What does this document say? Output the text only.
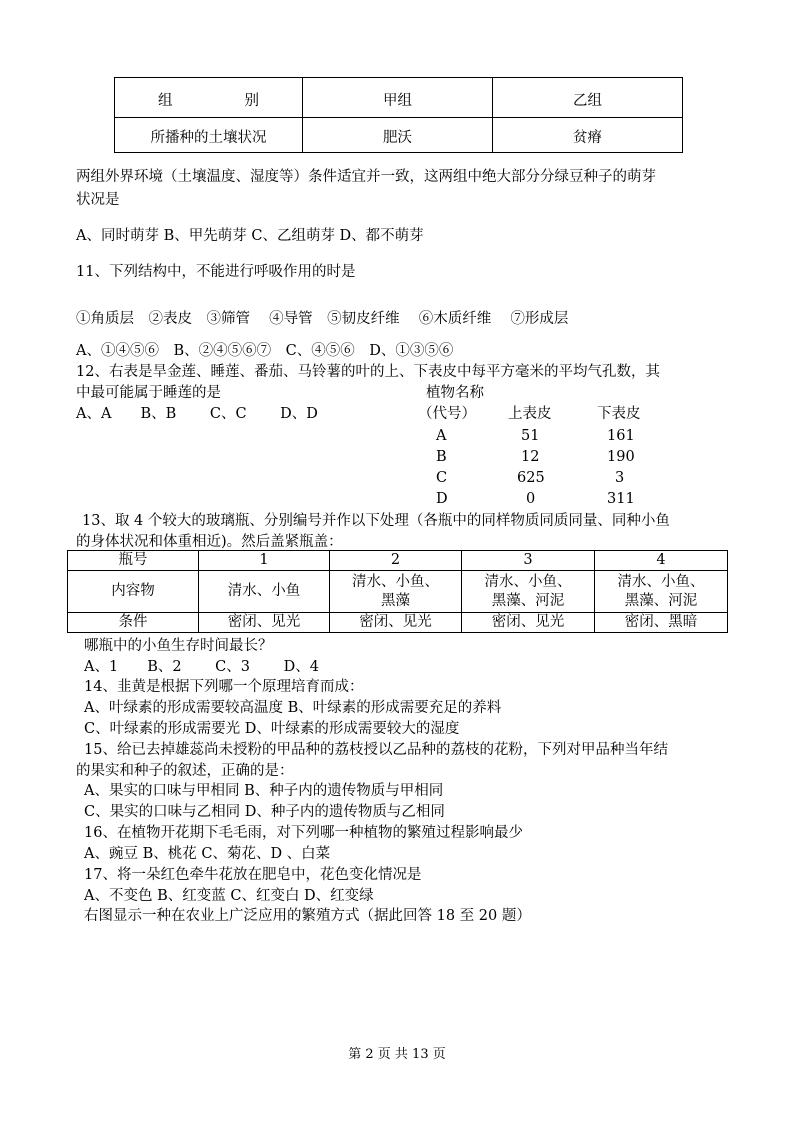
组 别	甲组	乙组
所播种的土壤状况	肥沃	贫瘠
两组外界环境（土壤温度、湿度等）条件适宜并一致，这两组中绝大部分分绿豆种子的萌芽
状况是
A、同时萌芽 B、甲先萌芽 C、乙组萌芽 D、都不萌芽
11、下列结构中，不能进行呼吸作用的时是
①角质层　②表皮　③筛管　 ④导管　⑤韧皮纤维　 ⑥木质纤维　 ⑦形成层
A、①④⑤⑥　B、②④⑤⑥⑦　C、④⑤⑥　D、①③⑤⑥
12、右表是旱金莲、睡莲、番茄、马铃薯的叶的上、下表皮中每平方毫米的平均气孔数，其
中最可能属于睡莲的是
A、A　　B、B　　 C、C　　 D、D
植物名称
（代号） 上表皮	下表皮
A	51	161
B	12	190
C	625	3
D	0	311
13、取 4 个较大的玻璃瓶、分别编号并作以下处理（各瓶中的同样物质同质同量、同种小鱼
的身体状况和体重相近)。然后盖紧瓶盖：
瓶号	1	2	3	4
内容物	清水、小鱼	清水、小鱼、
黑藻	清水、小鱼、
黑藻、河泥	清水、小鱼、
黑藻、河泥
条件	密闭、见光	密闭、见光	密闭、见光	密闭、黑暗
哪瓶中的小鱼生存时间最长？
A、1　　B、2　　 C、3　　 D、4
14、韭黄是根据下列哪一个原理培育而成：
A、叶绿素的形成需要较高温度 B、叶绿素的形成需要充足的养料
C、叶绿素的形成需要光 D、叶绿素的形成需要较大的湿度
15、给已去掉雄蕊尚未授粉的甲品种的荔枝授以乙品种的荔枝的花粉，下列对甲品种当年结
的果实和种子的叙述，正确的是：
A、果实的口味与甲相同 B、种子内的遗传物质与甲相同
C、果实的口味与乙相同 D、种子内的遗传物质与乙相同
16、在植物开花期下毛毛雨，对下列哪一种植物的繁殖过程影响最少
A、豌豆 B、桃花 C、菊花、D 、白菜
17、将一朵红色牵牛花放在肥皂中，花色变化情况是
A、不变色 B、红变蓝 C、红变白 D、红变绿
右图显示一种在农业上广泛应用的繁殖方式（据此回答 18 至 20 题）
第 2 页 共 13 页
